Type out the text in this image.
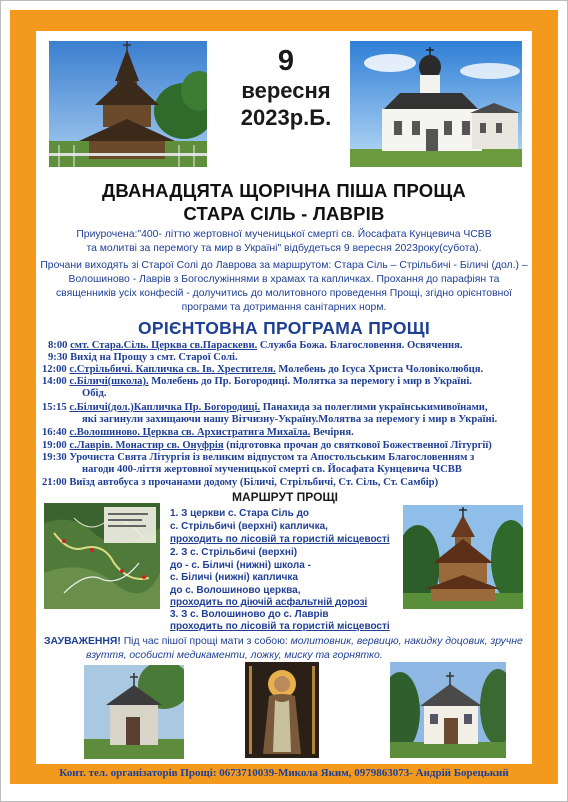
9
вересня
2023р.Б.
ДВАНАДЦЯТА ЩОРІЧНА ПІША ПРОЩА
СТАРА СІЛЬ - ЛАВРІВ
Приурочена:"400- літтю жертовної мученицької смерті св. Йосафата Кунцевича ЧСВВ
та молитві за перемогу та мир в Україні" відбудеться 9 вересня 2023року(субота).
Прочани виходять зі Старої Солі до Лаврова за маршрутом: Стара Сіль – Стрільбичі - Біличі (дол.) –
Волошиново - Лаврів з Богослужіннями в храмах та капличках. Прохання до парафіян та
священників усіх конфесій - долучитись до молитовного проведення Прощі, згідно орієнтовної
програми та дотримання санітарних норм.
ОРІЄНТОВНА ПРОГРАМА ПРОЩІ
8:00 смт. Стара.Сіль. Церква св.Параскеви. Служба Божа. Благословення. Освячення.
9:30 Вихід на Прощу з смт. Старої Солі.
12:00 с.Стрільбичі. Капличка св. Ів. Хрестителя. Молебень до Ісуса Христа Чоловіколюбця.
14:00 с.Біличі(школа). Молебень до Пр. Богородиці. Молятка за перемогу і мир в Україні.
Обід.
15:15 с.Біличі(дол.)Капличка Пр. Богородиці. Панахида за полеглими українськимивоїнами,
які загинули захищаючи нашу Вітчизну-Україну.Молятва за перемогу і мир в Україні.
16:40 с.Волошиново. Церква св. Архистратига Михаїла. Вечірня.
19:00 с.Лаврів. Монастир св. Онуфрія (підготовка прочан до святкової Божественної Літургії)
19:30 Урочиста Свята Літургія із великим відпустом та Апостольським Благословенням з
нагоди 400-ліття жертовної мученицької смерті св. Йосафата Кунцевича ЧСВВ
21:00 Виїзд автобуса з прочанами додому (Біличі, Стрільбичі, Ст. Сіль, Ст. Самбір)
МАРШРУТ ПРОЩІ
1. З церкви с. Стара Сіль до
с. Стрільбичі (верхні) капличка,
проходить по лісовій та гористій місцевості
2. З с. Стрільбичі (верхні)
до - с. Біличі (нижні) школа -
с. Біличі (нижні) капличка
до с. Волошиново церква,
проходить по діючій асфальтній дорозі
3. З с. Волошиново до с. Лаврів
проходить по лісовій та гористій місцевості
ЗАУВАЖЕННЯ! Під час пішої прощі мати з собою: молитовник, вервицю, накидку доцовик, зручне
взуття, особисті медикаменти, ложку, миску та горнятко.
Конт. тел. організаторів Прощі: 0673710039-Микола Яким, 0979863073- Андрій Борецький
